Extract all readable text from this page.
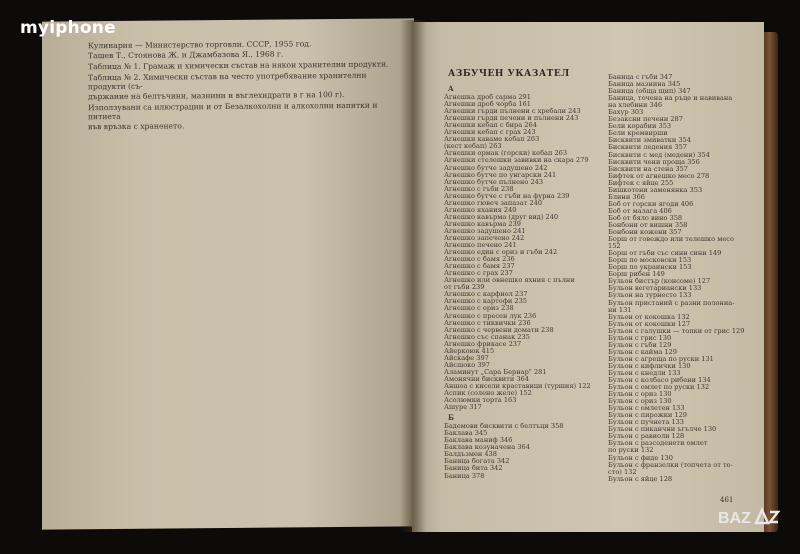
Кулинария — Министерство торговли. СССР, 1955 год.

Ташев Т., Стоянова Ж. и Джамбазова Я., 1968 г.

Таблица № 1. Грамаж и химически състав на някои хранителни продукти.

Таблица № 2. Химически състав на често употребявание хранителни продукти (съ-

държание на белтъчини, мазнини и въглехидрати в г на 100 г).

Използувани са илюстрации и от Безалкохолни и алкохолни напитки и питиета

във връзка с храненето.

АЗБУЧЕН УКАЗАТЕЛ
А
Агнешка дроб сарма 291
Агнешки дроб чорба 161
Агнешки гърди пълнени с хребали 243
Агнешки гърди печени и пълнени 243
Агнешки кебап с бира 264
Агнешки кебап с грах 243
Агнешки каваме кебап 263
(кест кебап) 263
Агнешки ормак (горски) кебап 263
Агнешки стелешки завивки на скара 279
Агнешко бутче задушено 242
Агнешко бутче по унгарски 241
Агнешко бутче пълнено 243
Агнешко с гъби 238
Агнешко бутче с гъби на фурна 239
Агнешко гювеч запазат 240
Агнешко яхания 240
Агнешко кавърма (друг вид) 240
Агнешко кавърма 239
Агнешко задушено 241
Агнешко запечено 242
Агнешко печено 241
Агнешко един с ориз и гъби 242
Агнешко с бамя 236
Агнешко с бамя 237
Агнешко с грах 237
Агнешко или овнешко яхния с пълни
от гъби 239
Агнешко с карфиол 237
Агнешко с картофи 235
Агнешко с ориз 238
Агнешко с пресен лук 236
Агнешко с тиквички 236
Агнешко с червени домати 238
Агнешко със спанак 235
Агнешко фрикасе 237
Айеркоюк 415
Айскафе 397
Айсшоко 397
Аламинут „Сара Бернар" 281
Амонячни бисквити 364
Аншоа с кисели краставици (туршия) 122
Аспик (солено желе) 152
Асолюмки торта 163
Ашуре 317
Б
Бадемови бисквити с белтъци 358
Баклава 345
Баклава маниф 346
Баклава козуначена 364
Балдъзмен 438
Баница богата 342
Баница бита 342
Баница 378
Баница с гъби 347
Баница мазнина 345
Баница (обща щип) 347
Баница, точена на ръце и навивана
на хлебини 346
Бахур 303
Безаксни печени 287
Бели корабии 353
Бели кремвирши
Бисквити змиватки 354
Бисквити ледения 357
Бисквити с мед (медени) 354
Бисквити чени проща 356
Бисквити на стена 357
Бифтек от агнешко месо 278
Бифтек с яйце 255
Бишкотени заменянка 353
Блини 366
Боб от горски ягоди 406
Боб от малага 406
Боб от бяло вино 358
Бонбони от вишни 358
Бонбони кожени 357
Борш от говеждо или телешко месо
152
Борш от гъби със сини сини 149
Борш по московски 153
Борш по украински 153
Борш рибен 149
Бульон бистър (консоме) 127
Бульон вегетариански 133
Бульон на турнесто 133
Бульон пристаний с разни полониа-
ни 131
Бульон от кокошка 132
Бульон от кокошки 127
Бульон с галушки — топки от грис 129
Бульон с грис 130
Бульон с гъби 129
Бульон с кайма 129
Бульон с агреща по руски 131
Бульон с кифлички 130
Бульон с кнедли 133
Бульон с колбасо рибени 134
Бульон с омлет по руски 132
Бульон с ориз 130
Бульон с ориз 130
Бульон с омлетен 133
Бульон с пирожки 129
Бульон с пучнета 133
Бульон с пиканчни ъгълче 130
Бульон с равиоли 128
Бульон с разсоденети омлет
по руски 132
Бульон с фиде 130
Бульон с франзелки (топчета от те-
сто) 132
Бульон с яйце 128
461
myiphone
BAZ
